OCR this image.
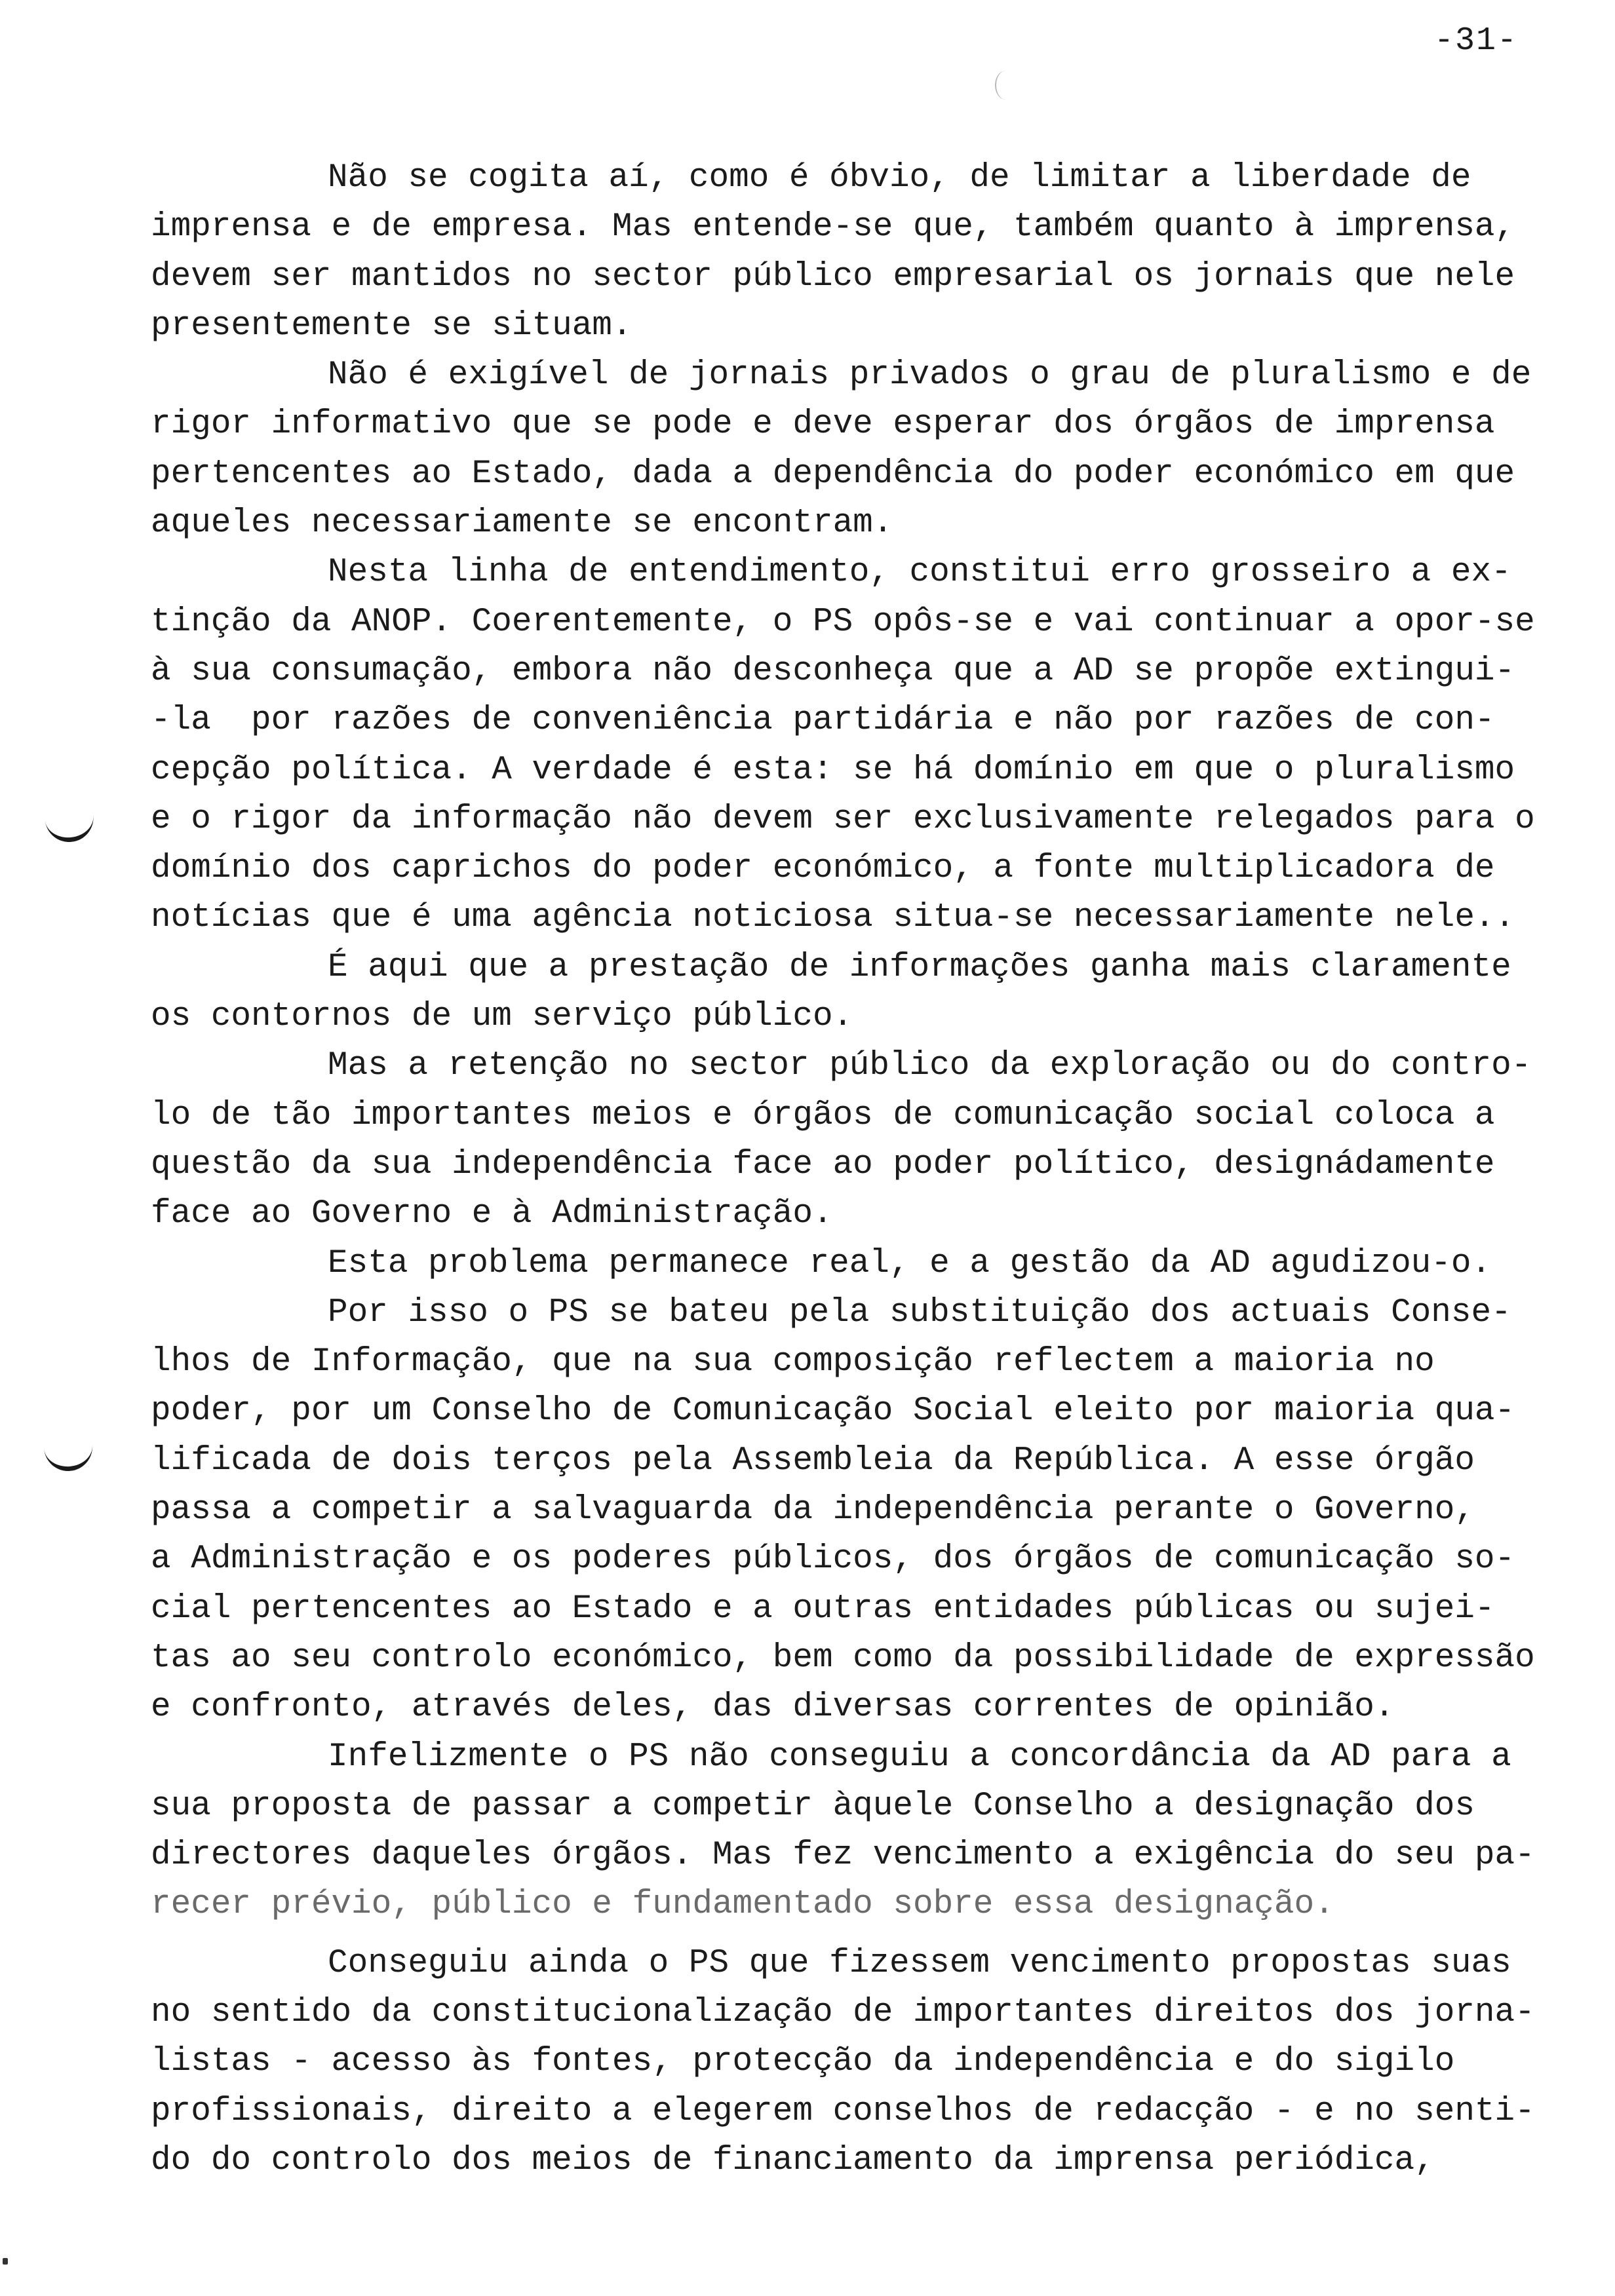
-31-
Não se cogita aí, como é óbvio, de limitar a liberdade de
imprensa e de empresa. Mas entende-se que, também quanto à imprensa,
devem ser mantidos no sector público empresarial os jornais que nele
presentemente se situam.
Não é exigível de jornais privados o grau de pluralismo e de
rigor informativo que se pode e deve esperar dos órgãos de imprensa
pertencentes ao Estado, dada a dependência do poder económico em que
aqueles necessariamente se encontram.
Nesta linha de entendimento, constitui erro grosseiro a ex-
tinção da ANOP. Coerentemente, o PS opôs-se e vai continuar a opor-se
à sua consumação, embora não desconheça que a AD se propõe extingui-
-la  por razões de conveniência partidária e não por razões de con-
cepção política. A verdade é esta: se há domínio em que o pluralismo
e o rigor da informação não devem ser exclusivamente relegados para o
domínio dos caprichos do poder económico, a fonte multiplicadora de
notícias que é uma agência noticiosa situa-se necessariamente nele..
É aqui que a prestação de informações ganha mais claramente
os contornos de um serviço público.
Mas a retenção no sector público da exploração ou do contro-
lo de tão importantes meios e órgãos de comunicação social coloca a
questão da sua independência face ao poder político, designádamente
face ao Governo e à Administração.
Esta problema permanece real, e a gestão da AD agudizou-o.
Por isso o PS se bateu pela substituição dos actuais Conse-
lhos de Informação, que na sua composição reflectem a maioria no
poder, por um Conselho de Comunicação Social eleito por maioria qua-
lificada de dois terços pela Assembleia da República. A esse órgão
passa a competir a salvaguarda da independência perante o Governo,
a Administração e os poderes públicos, dos órgãos de comunicação so-
cial pertencentes ao Estado e a outras entidades públicas ou sujei-
tas ao seu controlo económico, bem como da possibilidade de expressão
e confronto, através deles, das diversas correntes de opinião.
Infelizmente o PS não conseguiu a concordância da AD para a
sua proposta de passar a competir àquele Conselho a designação dos
directores daqueles órgãos. Mas fez vencimento a exigência do seu pa-
recer prévio, público e fundamentado sobre essa designação.
Conseguiu ainda o PS que fizessem vencimento propostas suas
no sentido da constitucionalização de importantes direitos dos jorna-
listas - acesso às fontes, protecção da independência e do sigilo
profissionais, direito a elegerem conselhos de redacção - e no senti-
do do controlo dos meios de financiamento da imprensa periódica,
